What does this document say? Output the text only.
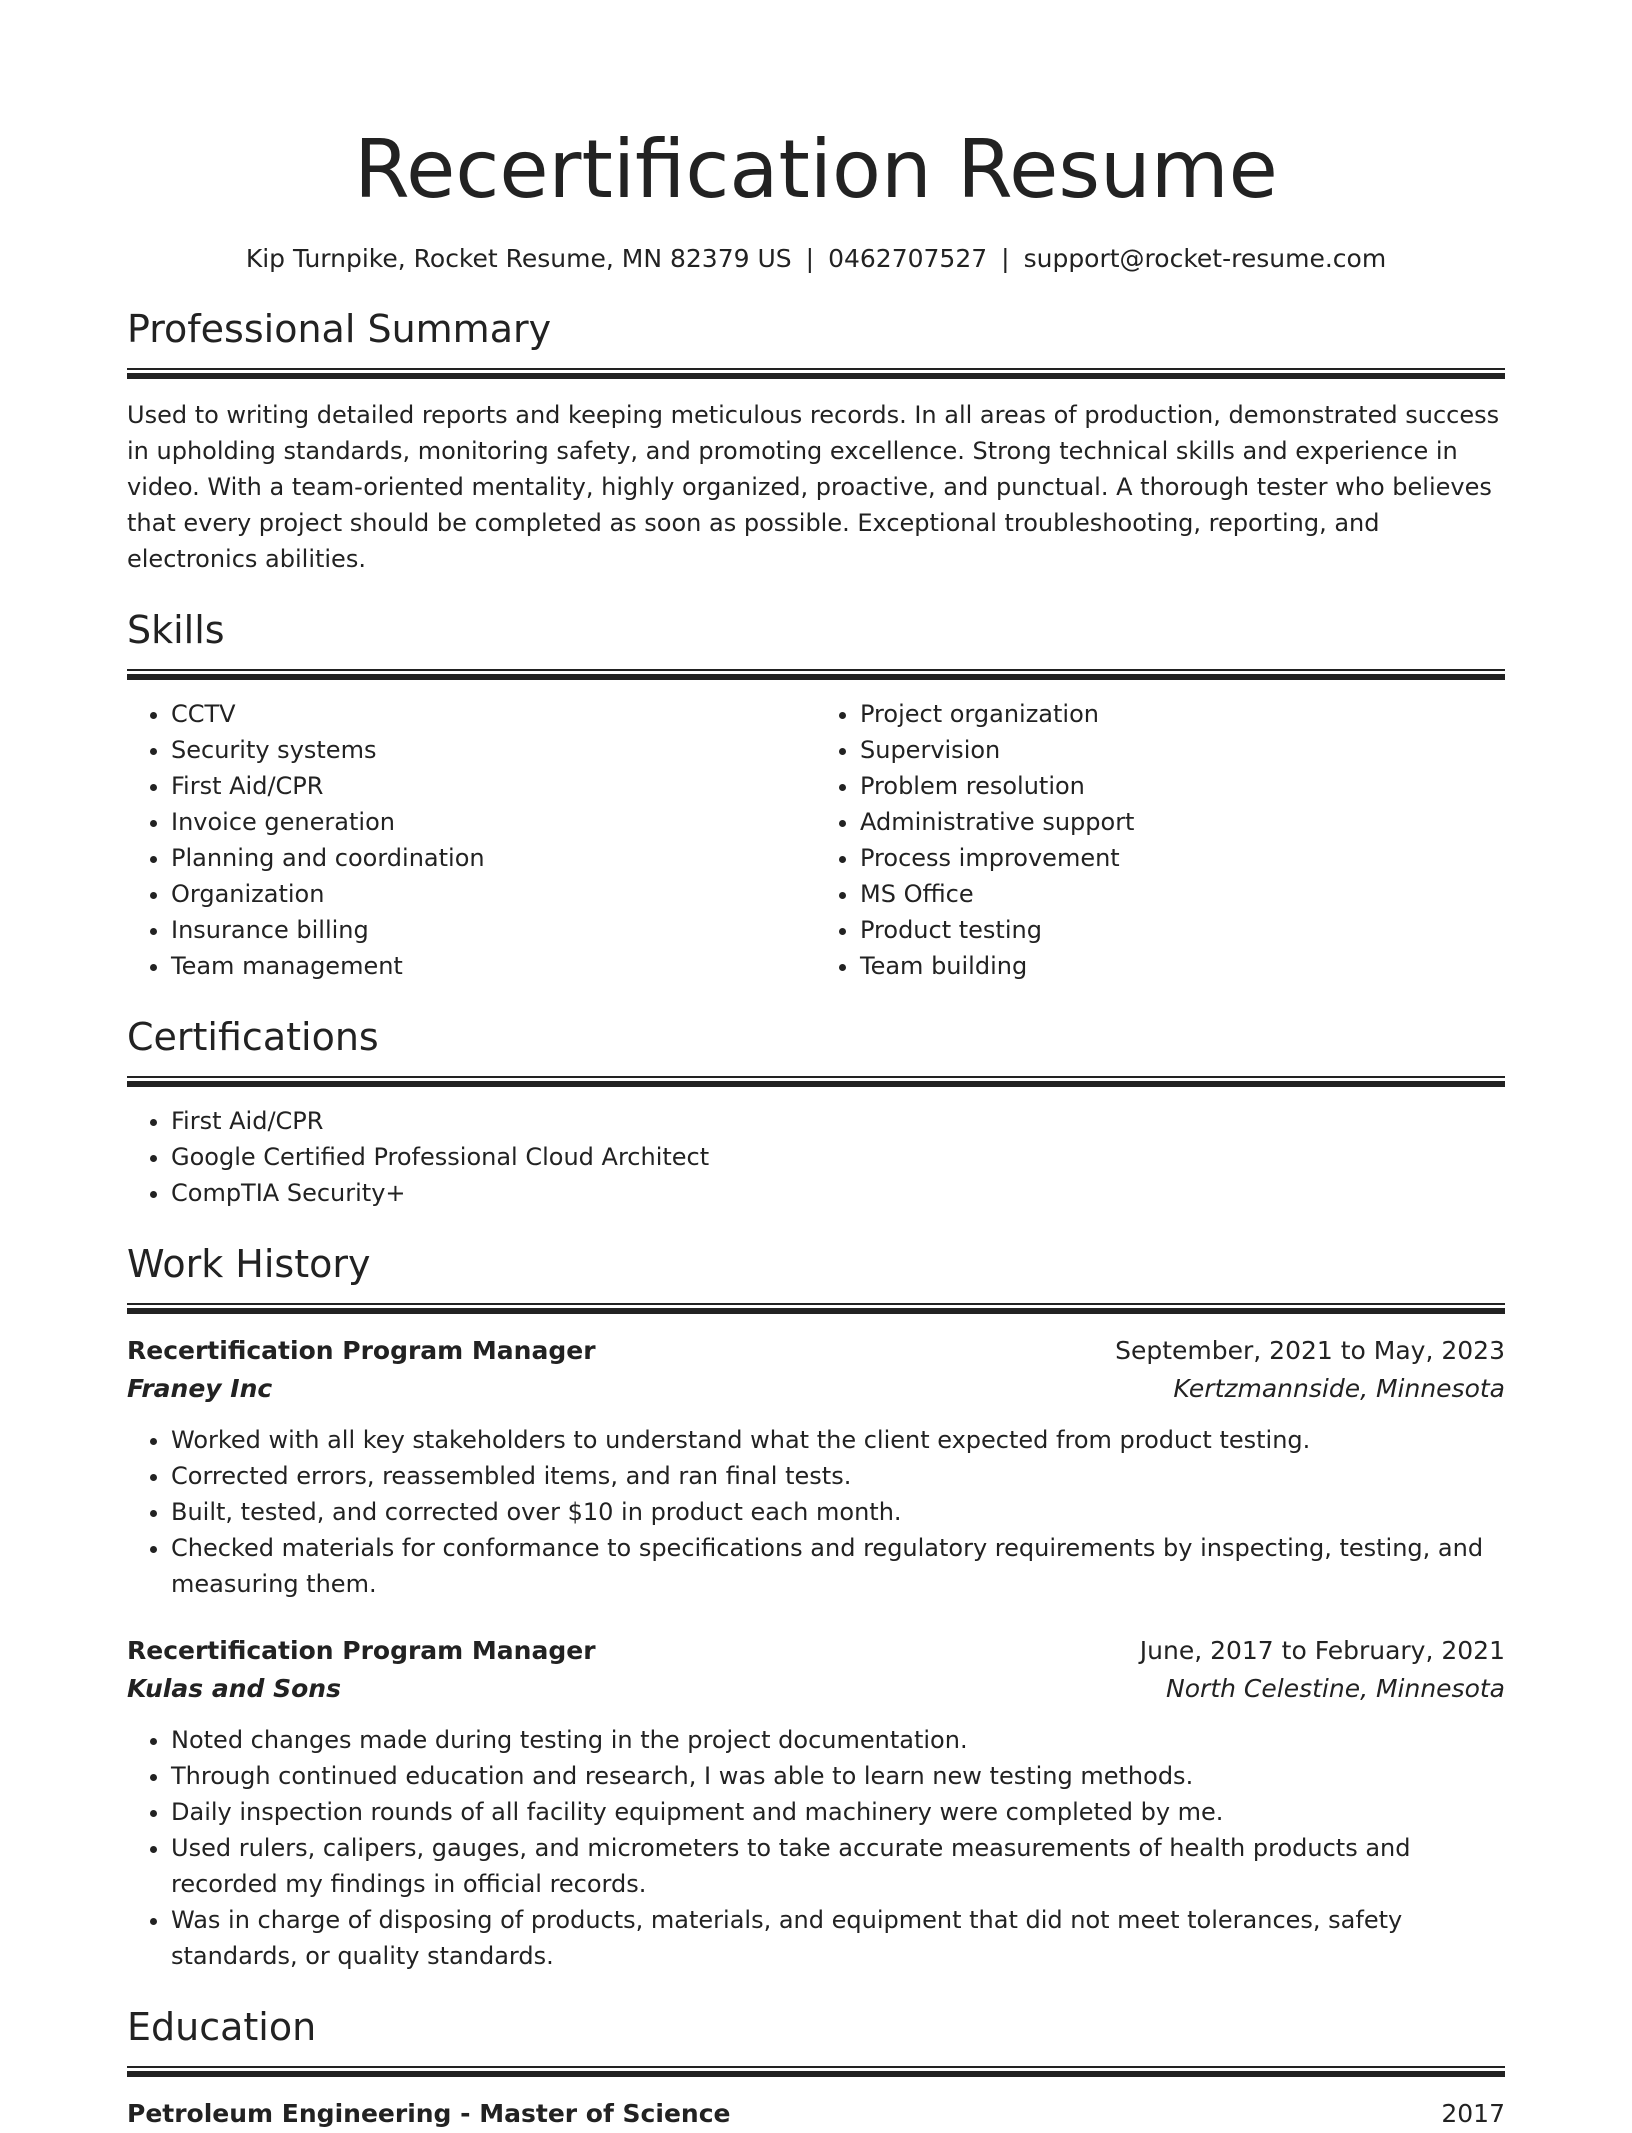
Recertification Resume
Kip Turnpike, Rocket Resume, MN 82379 US | 0462707527 | support@rocket-resume.com
Professional Summary
Used to writing detailed reports and keeping meticulous records. In all areas of production, demonstrated success in upholding standards, monitoring safety, and promoting excellence. Strong technical skills and experience in video. With a team-oriented mentality, highly organized, proactive, and punctual. A thorough tester who believes that every project should be completed as soon as possible. Exceptional troubleshooting, reporting, and electronics abilities.
Skills
• CCTV
• Security systems
• First Aid/CPR
• Invoice generation
• Planning and coordination
• Organization
• Insurance billing
• Team management
• Project organization
• Supervision
• Problem resolution
• Administrative support
• Process improvement
• MS Office
• Product testing
• Team building
Certifications
• First Aid/CPR
• Google Certified Professional Cloud Architect
• CompTIA Security+
Work History
Recertification Program Manager	September, 2021 to May, 2023
Franey Inc	Kertzmannside, Minnesota
• Worked with all key stakeholders to understand what the client expected from product testing.
• Corrected errors, reassembled items, and ran final tests.
• Built, tested, and corrected over $10 in product each month.
• Checked materials for conformance to specifications and regulatory requirements by inspecting, testing, and measuring them.
Recertification Program Manager	June, 2017 to February, 2021
Kulas and Sons	North Celestine, Minnesota
• Noted changes made during testing in the project documentation.
• Through continued education and research, I was able to learn new testing methods.
• Daily inspection rounds of all facility equipment and machinery were completed by me.
• Used rulers, calipers, gauges, and micrometers to take accurate measurements of health products and recorded my findings in official records.
• Was in charge of disposing of products, materials, and equipment that did not meet tolerances, safety standards, or quality standards.
Education
Petroleum Engineering - Master of Science	2017
